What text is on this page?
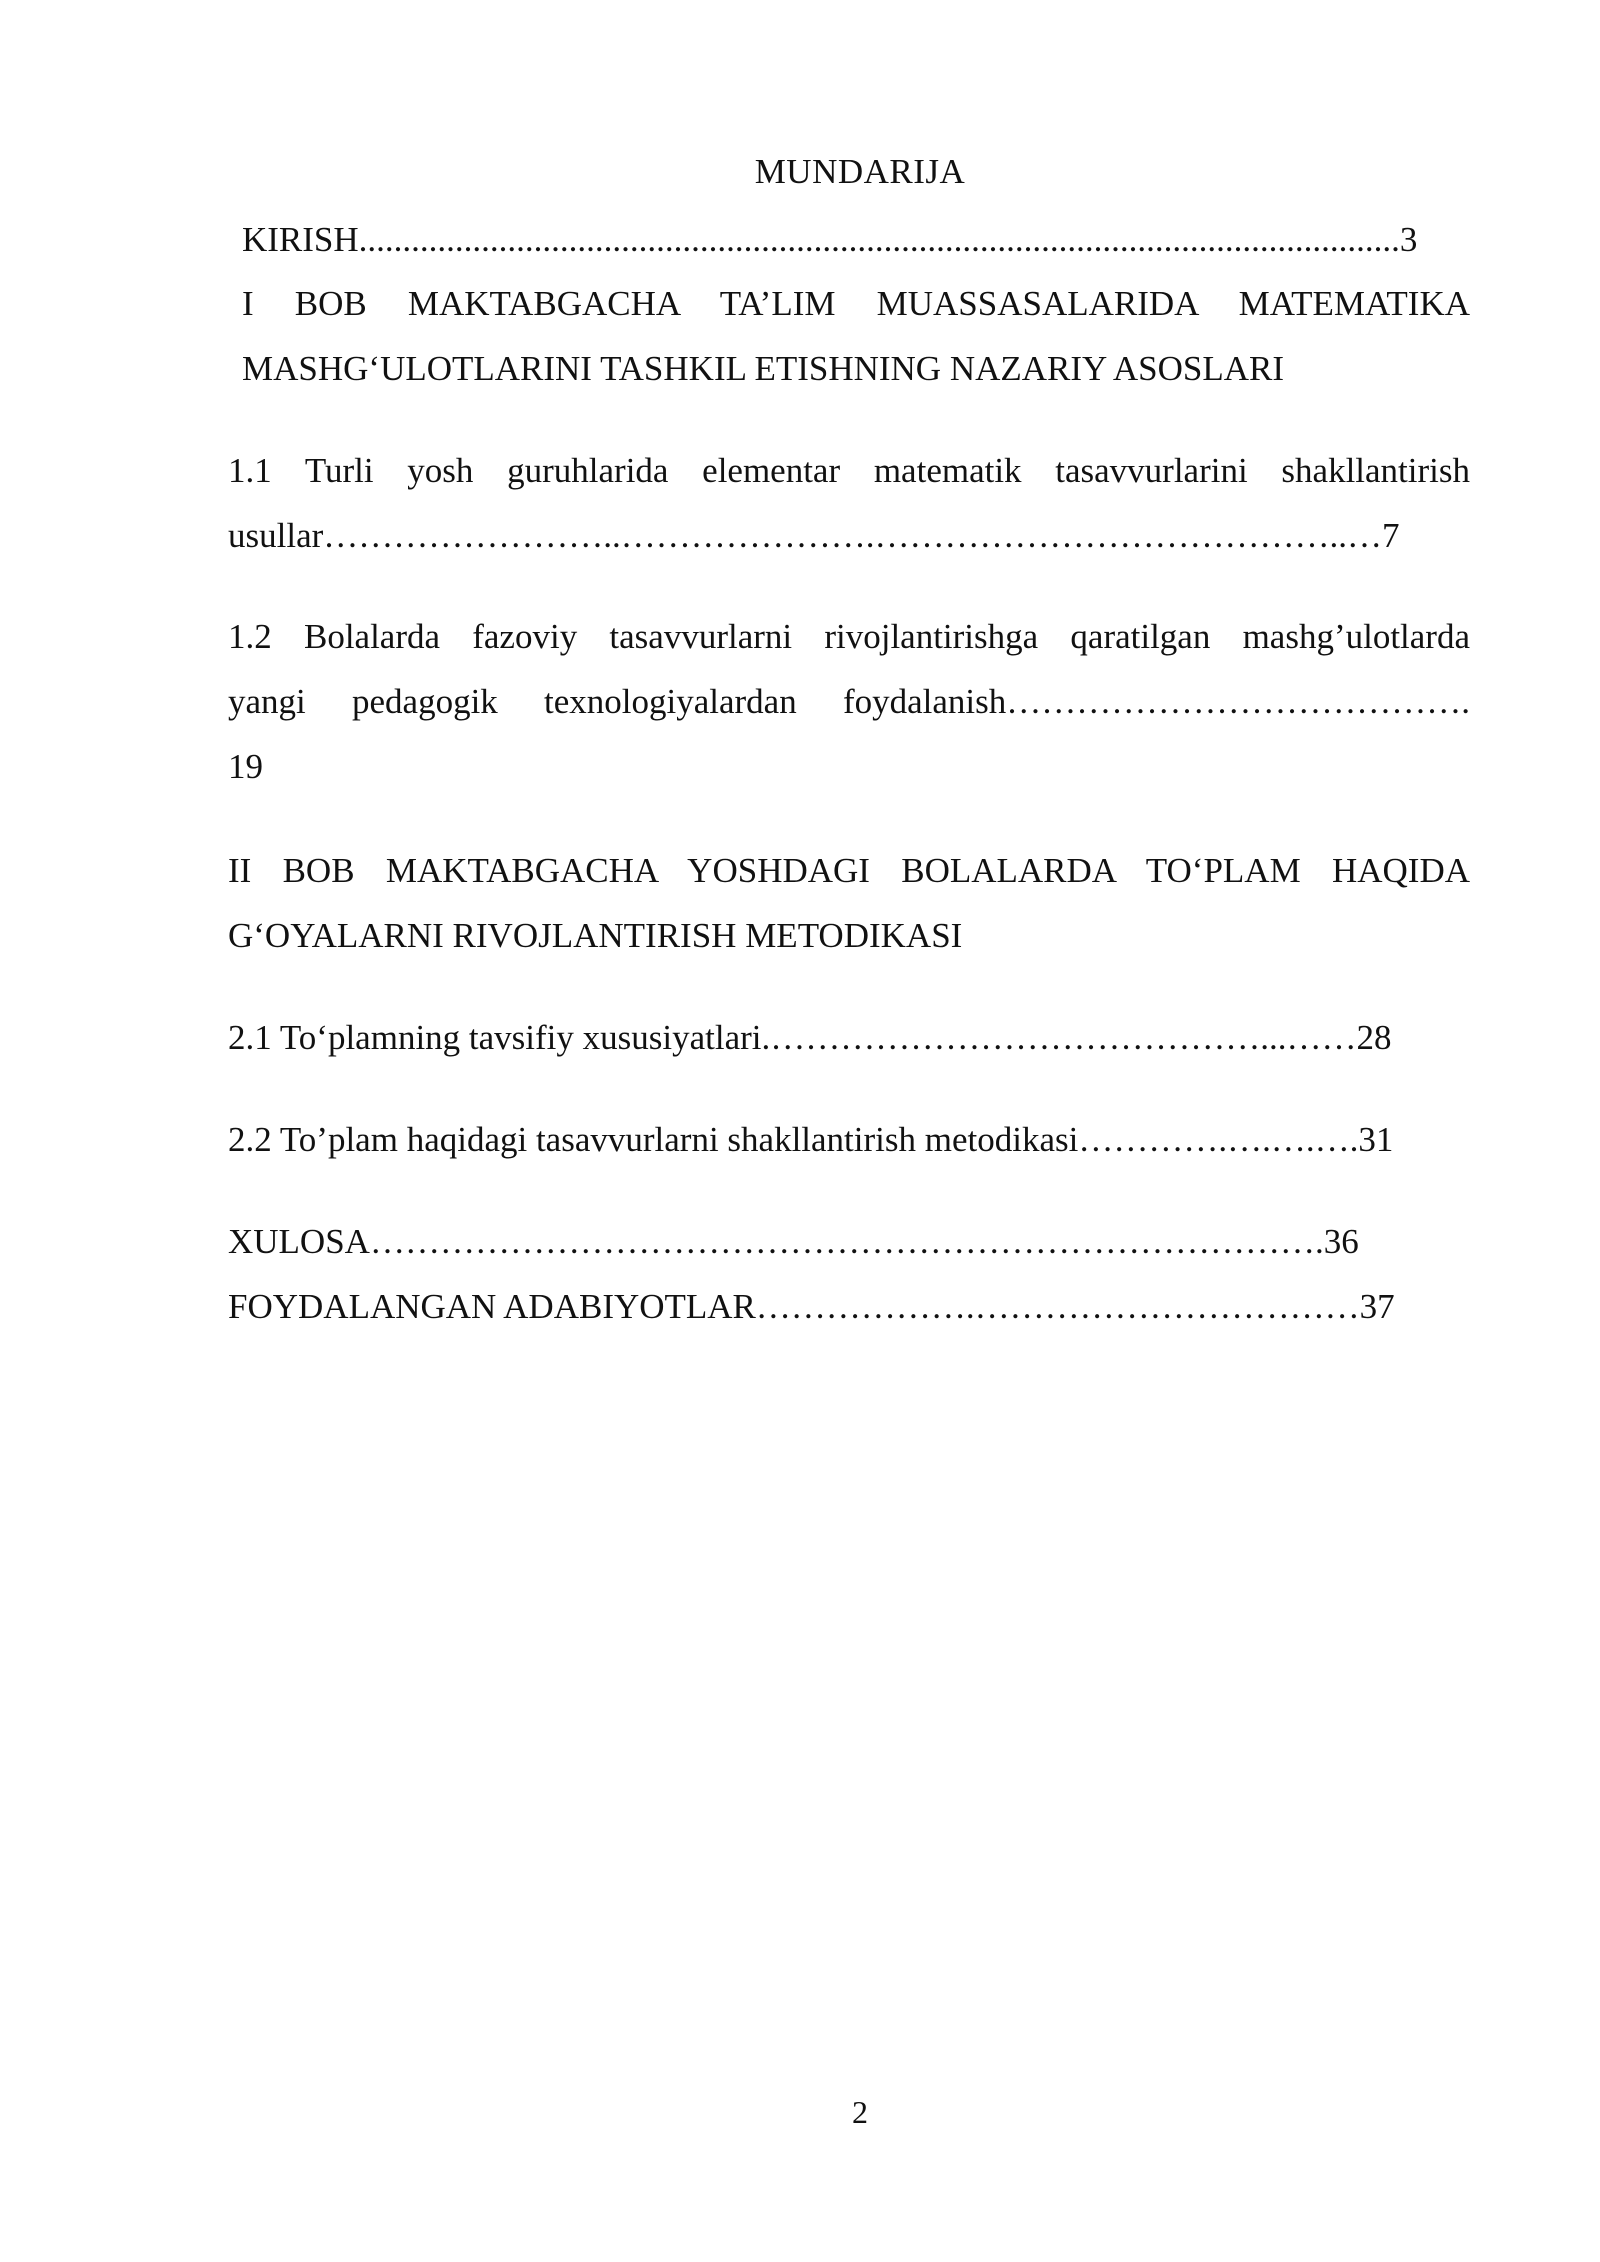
MUNDARIJA
KIRISH.......................................................................................................................3
I BOB MAKTABGACHA TA’LIM MUASSASALARIDA MATEMATIKA
MASHG‘ULOTLARINI TASHKIL ETISHNING NAZARIY ASOSLARI
1.1 Turli yosh guruhlarida elementar matematik tasavvurlarini shakllantirish
usullar……………………..………………….…………………………………..…7
1.2 Bolalarda fazoviy tasavvurlarni rivojlantirishga qaratilgan mashg’ulotlarda
yangi pedagogik texnologiyalardan foydalanish………………………………….
19
II BOB MAKTABGACHA YOSHDAGI BOLALARDA TO‘PLAM HAQIDA
G‘OYALARNI RIVOJLANTIRISH METODIKASI
2.1 To‘plamning tavsifiy xususiyatlari.……………………………………...……28
2.2 To’plam haqidagi tasavvurlarni shakllantirish metodikasi………….….….….31
XULOSA……………………………………………………………………….36
FOYDALANGAN ADABIYOTLAR……………….……………………………37
2
